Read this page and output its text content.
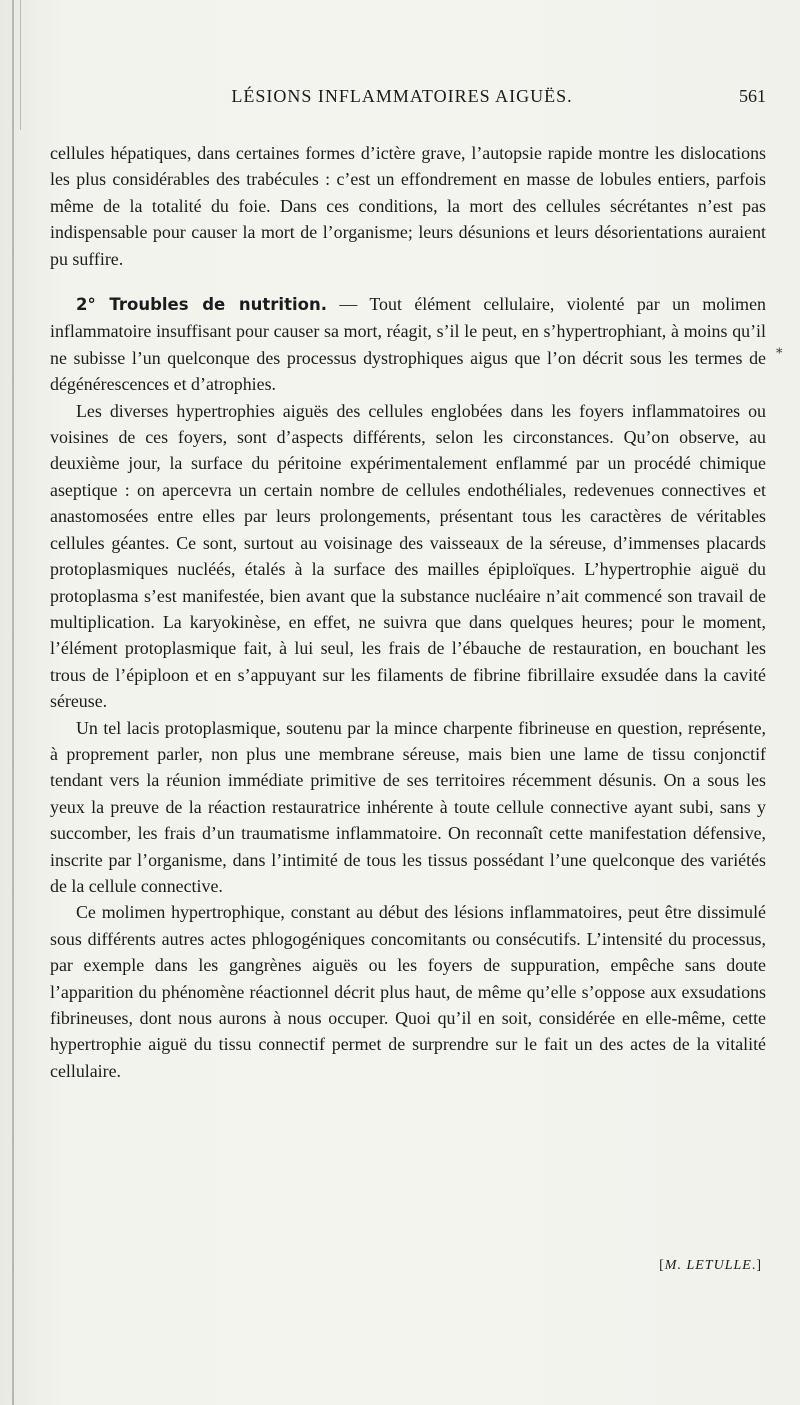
LÉSIONS INFLAMMATOIRES AIGUËS.	561
⁎

cellules hépatiques, dans certaines formes d’ictère grave, l’autopsie rapide montre les dislocations les plus considérables des trabécules : c’est un effondrement en masse de lobules entiers, parfois même de la totalité du foie. Dans ces conditions, la mort des cellules sécrétantes n’est pas indispensable pour causer la mort de l’organisme; leurs désunions et leurs désorientations auraient pu suffire.

2° Troubles de nutrition. — Tout élément cellulaire, violenté par un molimen inflammatoire insuffisant pour causer sa mort, réagit, s’il le peut, en s’hypertrophiant, à moins qu’il ne subisse l’un quelconque des processus dystrophiques aigus que l’on décrit sous les termes de dégénérescences et d’atrophies.

Les diverses hypertrophies aiguës des cellules englobées dans les foyers inflammatoires ou voisines de ces foyers, sont d’aspects différents, selon les circonstances. Qu’on observe, au deuxième jour, la surface du péritoine expérimentalement enflammé par un procédé chimique aseptique : on apercevra un certain nombre de cellules endothéliales, redevenues connectives et anastomosées entre elles par leurs prolongements, présentant tous les caractères de véritables cellules géantes. Ce sont, surtout au voisinage des vaisseaux de la séreuse, d’immenses placards protoplasmiques nucléés, étalés à la surface des mailles épiploïques. L’hypertrophie aiguë du protoplasma s’est manifestée, bien avant que la substance nucléaire n’ait commencé son travail de multiplication. La karyokinèse, en effet, ne suivra que dans quelques heures; pour le moment, l’élément protoplasmique fait, à lui seul, les frais de l’ébauche de restauration, en bouchant les trous de l’épiploon et en s’appuyant sur les filaments de fibrine fibrillaire exsudée dans la cavité séreuse.

Un tel lacis protoplasmique, soutenu par la mince charpente fibrineuse en question, représente, à proprement parler, non plus une membrane séreuse, mais bien une lame de tissu conjonctif tendant vers la réunion immédiate primitive de ses territoires récemment désunis. On a sous les yeux la preuve de la réaction restauratrice inhérente à toute cellule connective ayant subi, sans y succomber, les frais d’un traumatisme inflammatoire. On reconnaît cette manifestation défensive, inscrite par l’organisme, dans l’intimité de tous les tissus possédant l’une quelconque des variétés de la cellule connective.

Ce molimen hypertrophique, constant au début des lésions inflammatoires, peut être dissimulé sous différents autres actes phlogogéniques concomitants ou consécutifs. L’intensité du processus, par exemple dans les gangrènes aiguës ou les foyers de suppuration, empêche sans doute l’apparition du phénomène réactionnel décrit plus haut, de même qu’elle s’oppose aux exsudations fibrineuses, dont nous aurons à nous occuper. Quoi qu’il en soit, considérée en elle-même, cette hypertrophie aiguë du tissu connectif permet de surprendre sur le fait un des actes de la vitalité cellulaire.

[M. LETULLE.]
